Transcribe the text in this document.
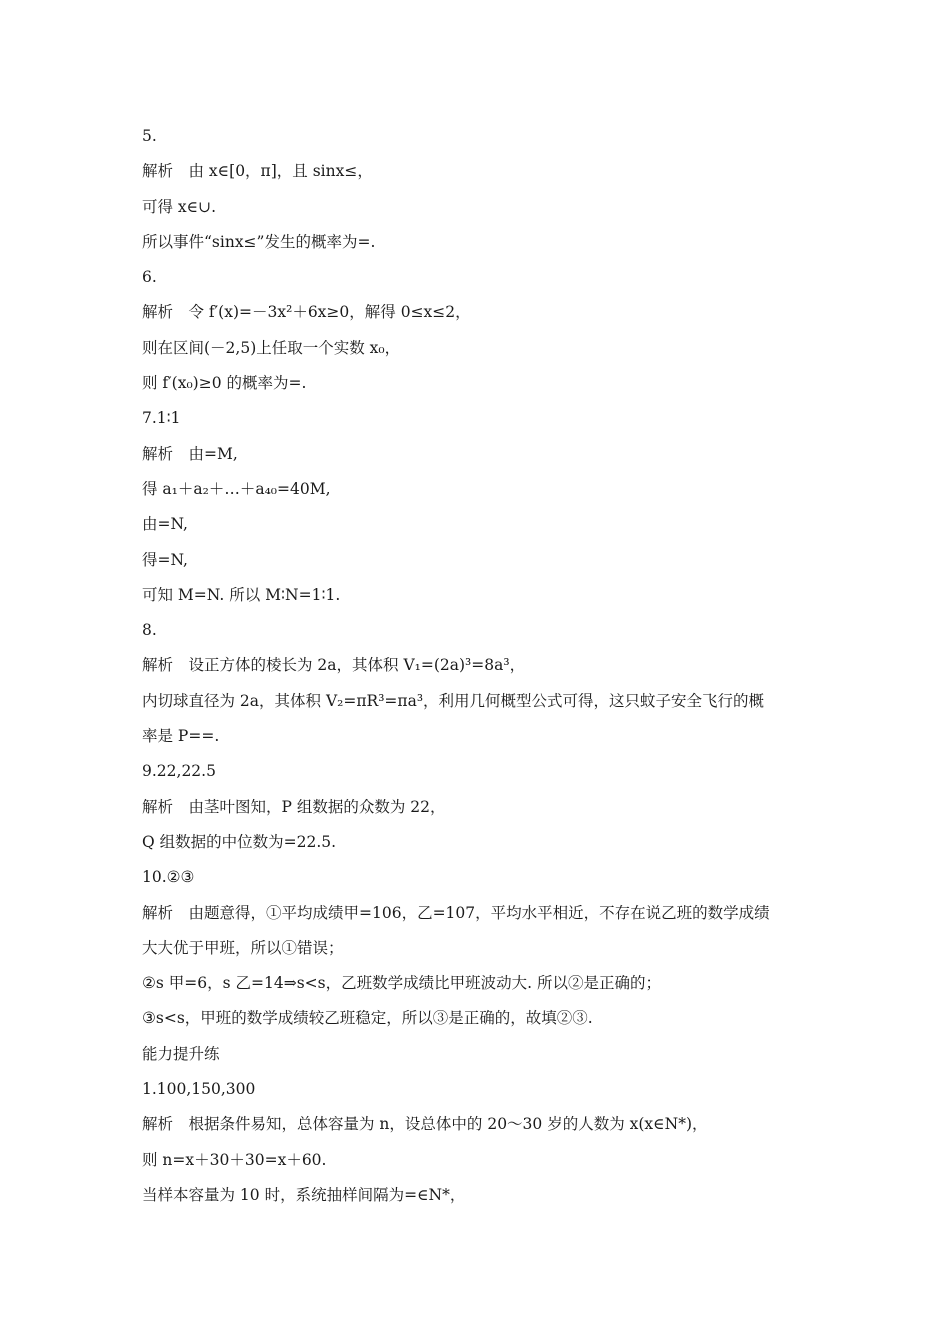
5.
解析　由 x∈[0，π]，且 sinx≤，
可得 x∈∪.
所以事件“sinx≤”发生的概率为=.
6.
解析　令 f′(x)=－3x²＋6x≥0，解得 0≤x≤2，
则在区间(－2,5)上任取一个实数 x₀，
则 f′(x₀)≥0 的概率为=.
7.1∶1
解析　由=M,
得 a₁＋a₂＋…＋a₄₀=40M,
由=N,
得=N,
可知 M=N. 所以 M∶N=1∶1.
8.
解析　设正方体的棱长为 2a，其体积 V₁=(2a)³=8a³，
内切球直径为 2a，其体积 V₂=πR³=πa³，利用几何概型公式可得，这只蚊子安全飞行的概
率是 P==.
9.22,22.5
解析　由茎叶图知，P 组数据的众数为 22，
Q 组数据的中位数为=22.5.
10.②③
解析　由题意得，①平均成绩甲=106，乙=107，平均水平相近，不存在说乙班的数学成绩
大大优于甲班，所以①错误；
②s 甲=6，s 乙=14⇒s<s，乙班数学成绩比甲班波动大. 所以②是正确的；
③s<s，甲班的数学成绩较乙班稳定，所以③是正确的，故填②③.
能力提升练
1.100,150,300
解析　根据条件易知，总体容量为 n，设总体中的 20～30 岁的人数为 x(x∈N*)，
则 n=x＋30＋30=x＋60.
当样本容量为 10 时，系统抽样间隔为=∈N*，
